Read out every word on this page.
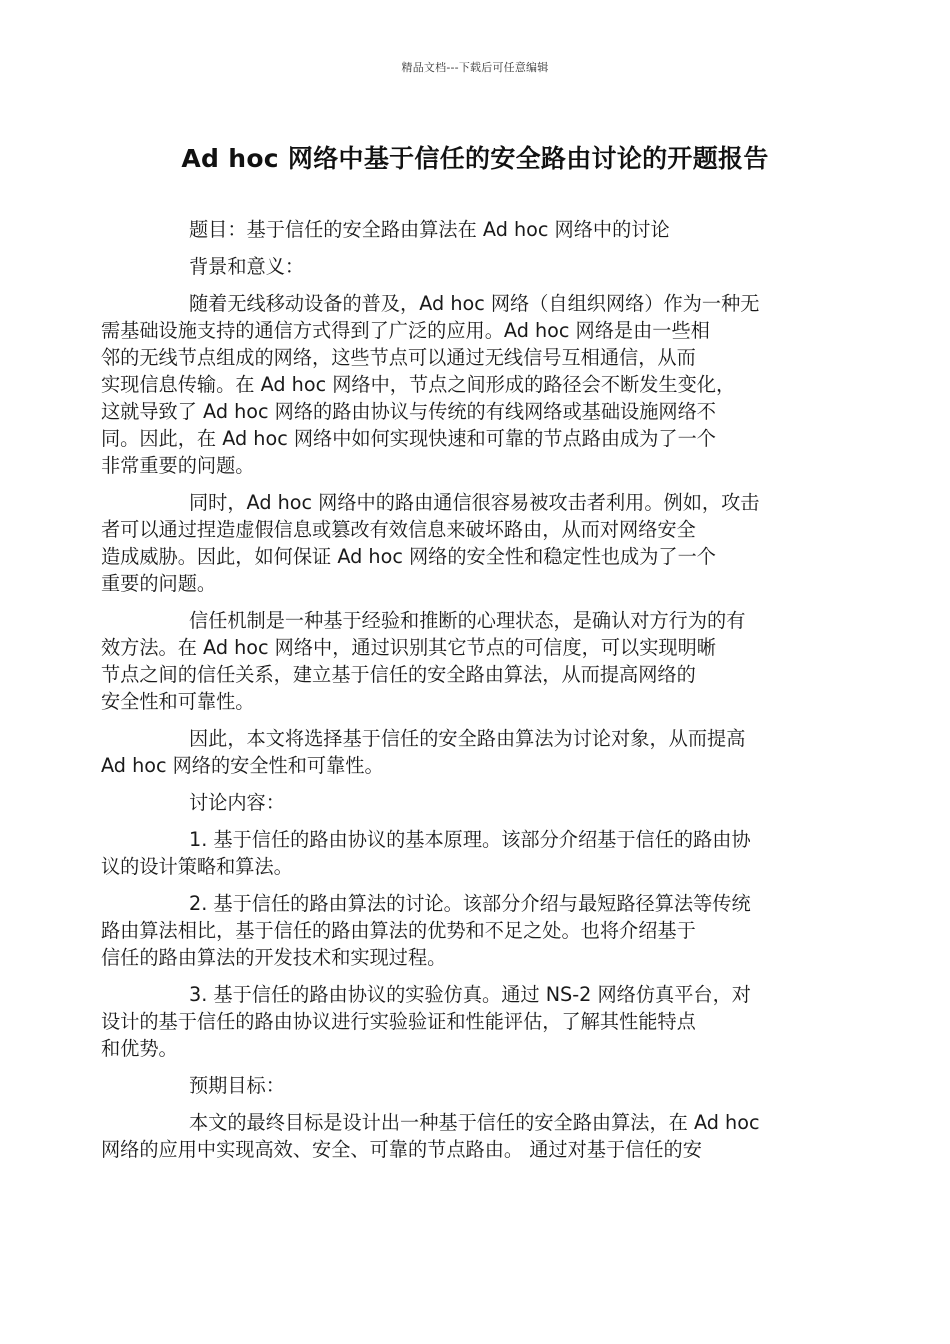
精品文档---下载后可任意编辑
Ad hoc 网络中基于信任的安全路由讨论的开题报告
题目：基于信任的安全路由算法在 Ad hoc 网络中的讨论
背景和意义：

随着无线移动设备的普及，Ad hoc 网络（自组织网络）作为一种无
需基础设施支持的通信方式得到了广泛的应用。Ad hoc 网络是由一些相
邻的无线节点组成的网络，这些节点可以通过无线信号互相通信，从而
实现信息传输。在 Ad hoc 网络中，节点之间形成的路径会不断发生变化，
这就导致了 Ad hoc 网络的路由协议与传统的有线网络或基础设施网络不
同。因此，在 Ad hoc 网络中如何实现快速和可靠的节点路由成为了一个
非常重要的问题。

同时，Ad hoc 网络中的路由通信很容易被攻击者利用。例如，攻击
者可以通过捏造虚假信息或篡改有效信息来破坏路由，从而对网络安全
造成威胁。因此，如何保证 Ad hoc 网络的安全性和稳定性也成为了一个
重要的问题。

信任机制是一种基于经验和推断的心理状态，是确认对方行为的有
效方法。在 Ad hoc 网络中，通过识别其它节点的可信度，可以实现明晰
节点之间的信任关系，建立基于信任的安全路由算法，从而提高网络的
安全性和可靠性。

因此，本文将选择基于信任的安全路由算法为讨论对象，从而提高
Ad hoc 网络的安全性和可靠性。

讨论内容：

1. 基于信任的路由协议的基本原理。该部分介绍基于信任的路由协
议的设计策略和算法。

2. 基于信任的路由算法的讨论。该部分介绍与最短路径算法等传统
路由算法相比，基于信任的路由算法的优势和不足之处。也将介绍基于
信任的路由算法的开发技术和实现过程。

3. 基于信任的路由协议的实验仿真。通过 NS-2 网络仿真平台，对
设计的基于信任的路由协议进行实验验证和性能评估，了解其性能特点
和优势。

预期目标：

本文的最终目标是设计出一种基于信任的安全路由算法，在 Ad hoc
网络的应用中实现高效、安全、可靠的节点路由。 通过对基于信任的安
